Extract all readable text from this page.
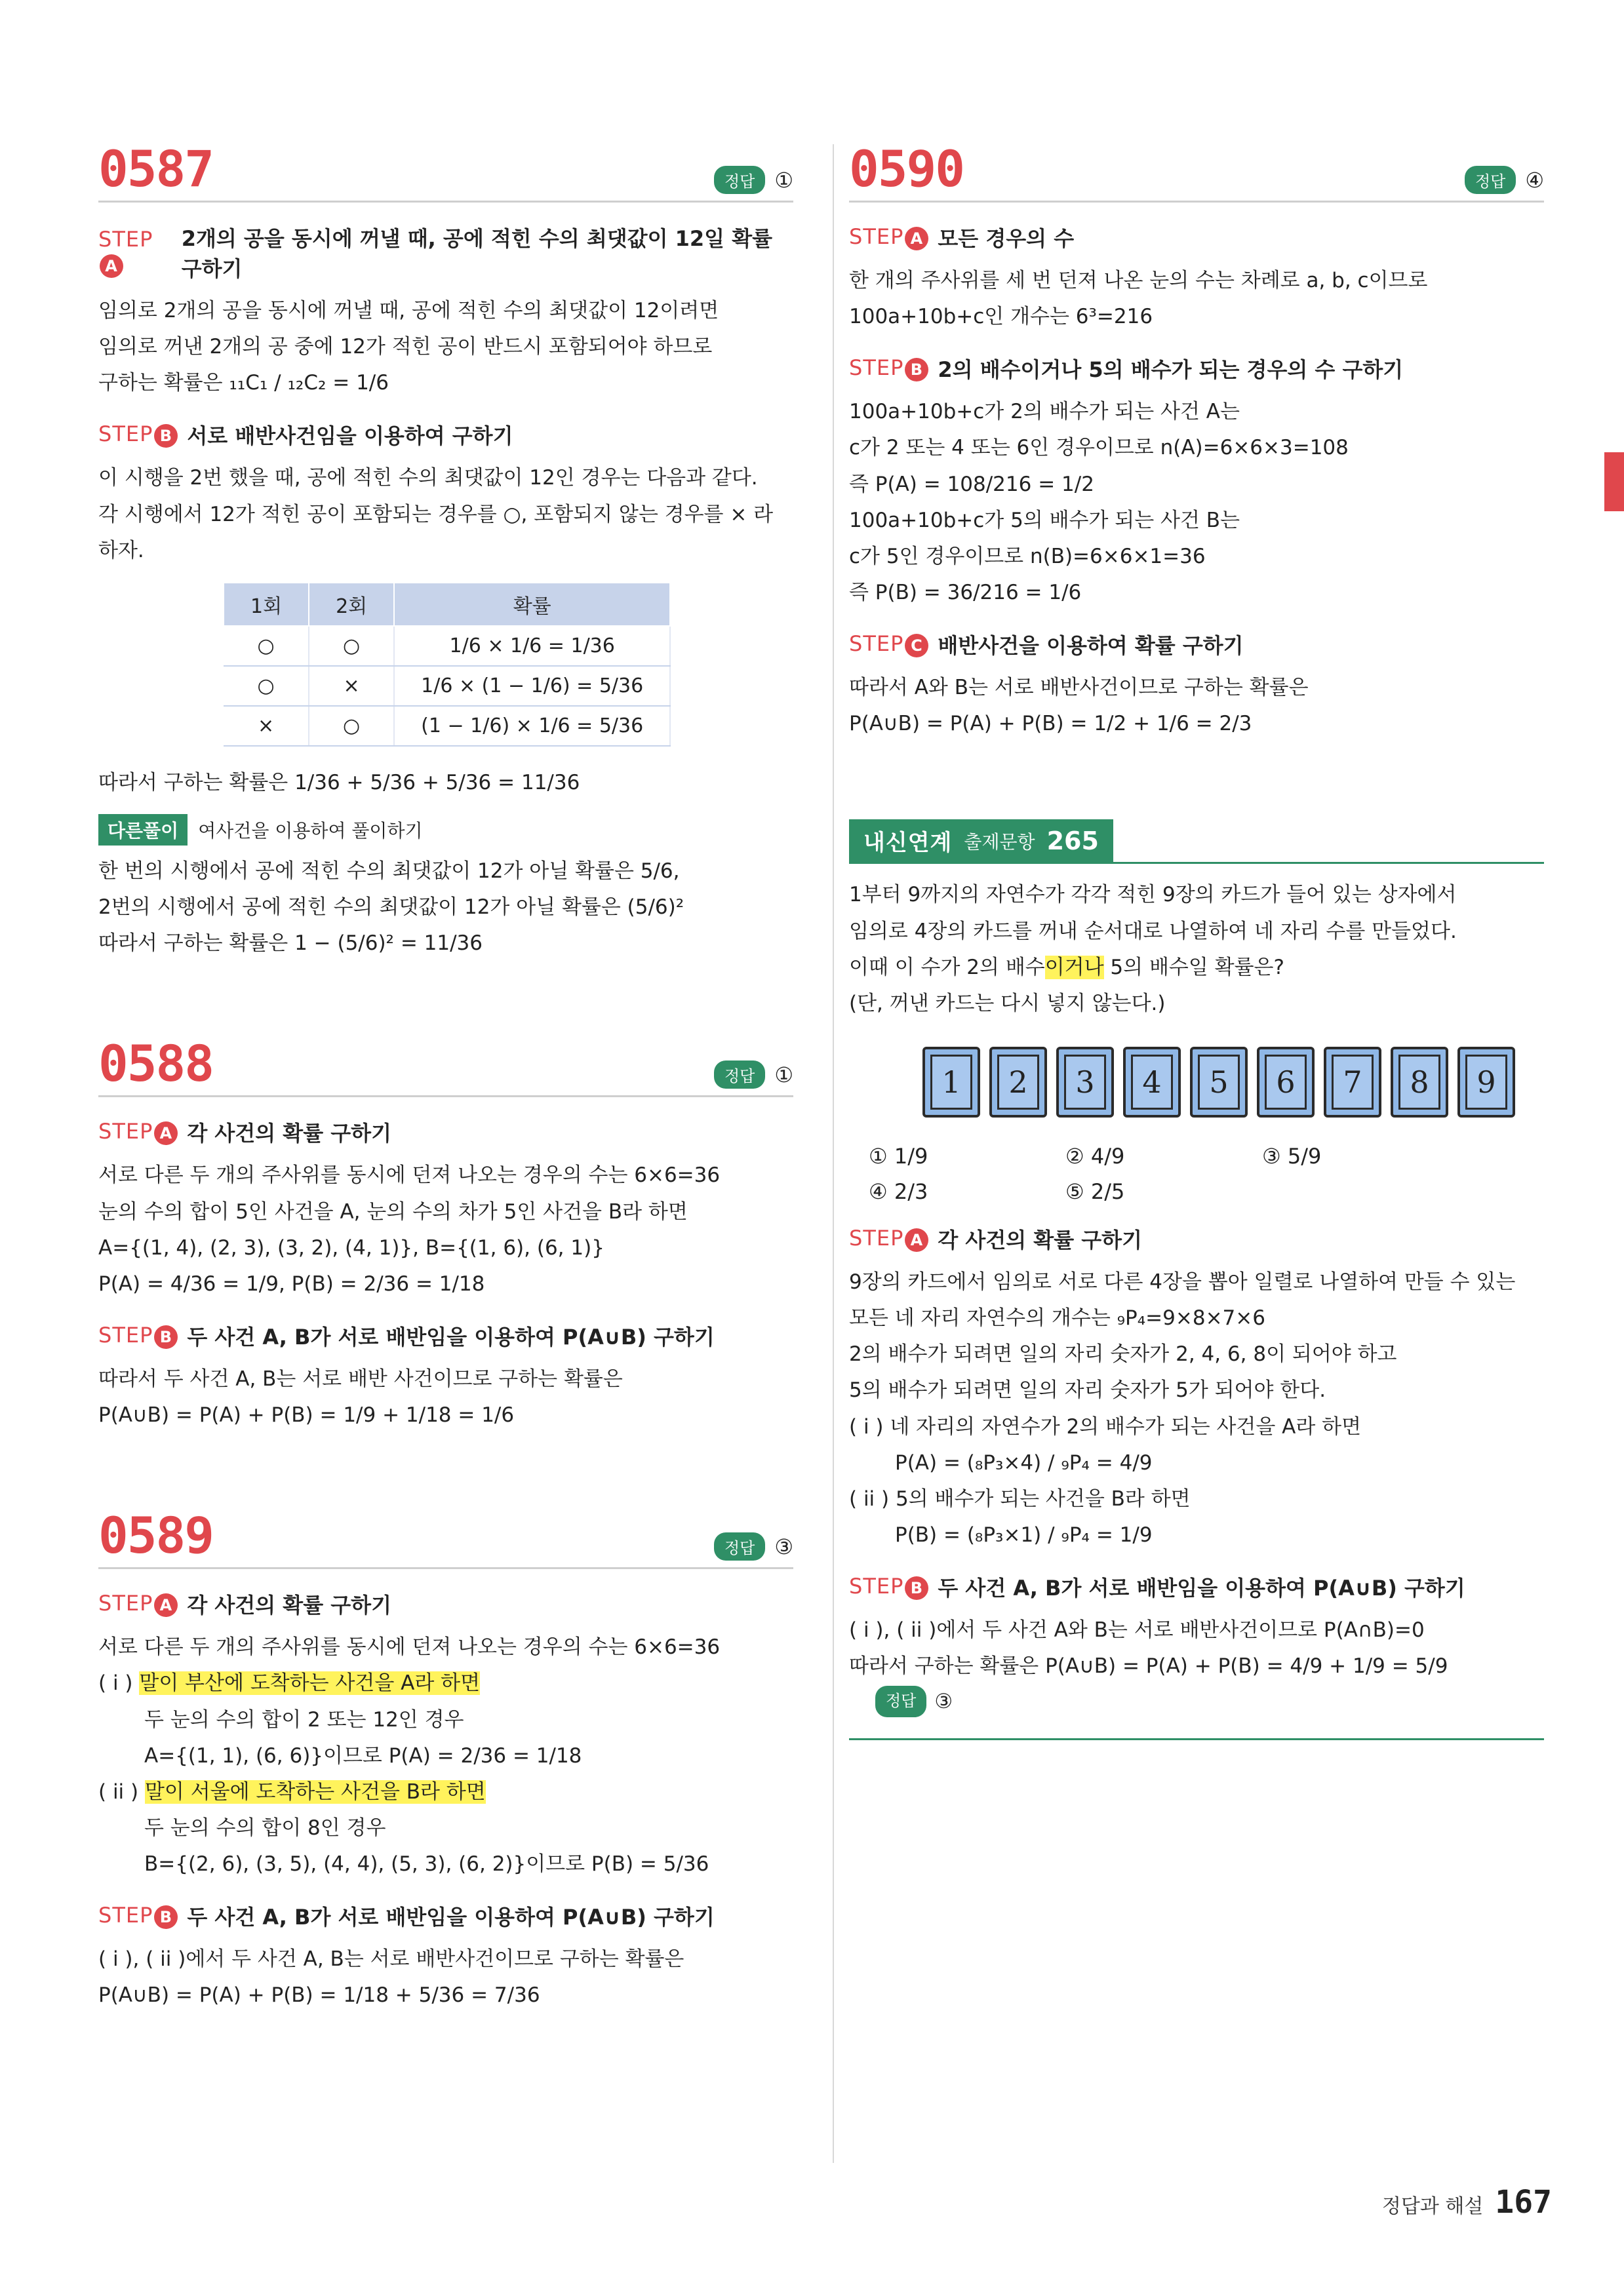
0587	정답 ①
STEPA
2개의 공을 동시에 꺼낼 때, 공에 적힌 수의 최댓값이 12일 확률 구하기
임의로 2개의 공을 동시에 꺼낼 때, 공에 적힌 수의 최댓값이 12이려면
임의로 꺼낸 2개의 공 중에 12가 적힌 공이 반드시 포함되어야 하므로
구하는 확률은 ₁₁C₁ / ₁₂C₂ = 1/6
STEP B 서로 배반사건임을 이용하여 구하기
이 시행을 2번 했을 때, 공에 적힌 수의 최댓값이 12인 경우는 다음과 같다.
각 시행에서 12가 적힌 공이 포함되는 경우를 ○, 포함되지 않는 경우를 × 라
하자.
1회	2회	확률
○	○	1/6 × 1/6 = 1/36
○	×	1/6 × (1 − 1/6) = 5/36
×	○	(1 − 1/6) × 1/6 = 5/36
따라서 구하는 확률은 1/36 + 5/36 + 5/36 = 11/36
다른풀이	여사건을 이용하여 풀이하기
한 번의 시행에서 공에 적힌 수의 최댓값이 12가 아닐 확률은 5/6,
2번의 시행에서 공에 적힌 수의 최댓값이 12가 아닐 확률은 (5/6)²
따라서 구하는 확률은 1 − (5/6)² = 11/36
0588	정답 ①
STEP A 각 사건의 확률 구하기
서로 다른 두 개의 주사위를 동시에 던져 나오는 경우의 수는 6×6=36
눈의 수의 합이 5인 사건을 A, 눈의 수의 차가 5인 사건을 B라 하면
A={(1, 4), (2, 3), (3, 2), (4, 1)}, B={(1, 6), (6, 1)}
P(A) = 4/36 = 1/9, P(B) = 2/36 = 1/18
STEP B 두 사건 A, B가 서로 배반임을 이용하여 P(A∪B) 구하기
따라서 두 사건 A, B는 서로 배반 사건이므로 구하는 확률은
P(A∪B) = P(A) + P(B) = 1/9 + 1/18 = 1/6
0589	정답 ③
STEP A 각 사건의 확률 구하기
서로 다른 두 개의 주사위를 동시에 던져 나오는 경우의 수는 6×6=36
( i ) 말이 부산에 도착하는 사건을 A라 하면
두 눈의 수의 합이 2 또는 12인 경우
A={(1, 1), (6, 6)}이므로 P(A) = 2/36 = 1/18
( ii ) 말이 서울에 도착하는 사건을 B라 하면
두 눈의 수의 합이 8인 경우
B={(2, 6), (3, 5), (4, 4), (5, 3), (6, 2)}이므로 P(B) = 5/36
STEP B 두 사건 A, B가 서로 배반임을 이용하여 P(A∪B) 구하기
( i ), ( ii )에서 두 사건 A, B는 서로 배반사건이므로 구하는 확률은
P(A∪B) = P(A) + P(B) = 1/18 + 5/36 = 7/36
0590	정답 ④
STEP A 모든 경우의 수
한 개의 주사위를 세 번 던져 나온 눈의 수는 차례로 a, b, c이므로
100a+10b+c인 개수는 6³=216
STEP B 2의 배수이거나 5의 배수가 되는 경우의 수 구하기
100a+10b+c가 2의 배수가 되는 사건 A는
c가 2 또는 4 또는 6인 경우이므로 n(A)=6×6×3=108
즉 P(A) = 108/216 = 1/2
100a+10b+c가 5의 배수가 되는 사건 B는
c가 5인 경우이므로 n(B)=6×6×1=36
즉 P(B) = 36/216 = 1/6
STEP C 배반사건을 이용하여 확률 구하기
따라서 A와 B는 서로 배반사건이므로 구하는 확률은
P(A∪B) = P(A) + P(B) = 1/2 + 1/6 = 2/3
내신연계 출제문항 265
1부터 9까지의 자연수가 각각 적힌 9장의 카드가 들어 있는 상자에서
임의로 4장의 카드를 꺼내 순서대로 나열하여 네 자리 수를 만들었다.
이때 이 수가 2의 배수이거나 5의 배수일 확률은?
(단, 꺼낸 카드는 다시 넣지 않는다.)
1	2	3	4	5	6	7	8	9
① 1/9	② 4/9	③ 5/9
④ 2/3	⑤ 2/5
STEP A 각 사건의 확률 구하기
9장의 카드에서 임의로 서로 다른 4장을 뽑아 일렬로 나열하여 만들 수 있는
모든 네 자리 자연수의 개수는 ₉P₄=9×8×7×6
2의 배수가 되려면 일의 자리 숫자가 2, 4, 6, 8이 되어야 하고
5의 배수가 되려면 일의 자리 숫자가 5가 되어야 한다.
( i ) 네 자리의 자연수가 2의 배수가 되는 사건을 A라 하면
P(A) = (₈P₃×4) / ₉P₄ = 4/9
( ii ) 5의 배수가 되는 사건을 B라 하면
P(B) = (₈P₃×1) / ₉P₄ = 1/9
STEP B 두 사건 A, B가 서로 배반임을 이용하여 P(A∪B) 구하기
( i ), ( ii )에서 두 사건 A와 B는 서로 배반사건이므로 P(A∩B)=0
따라서 구하는 확률은 P(A∪B) = P(A) + P(B) = 4/9 + 1/9 = 5/9
정답 ③
정답과 해설 167
